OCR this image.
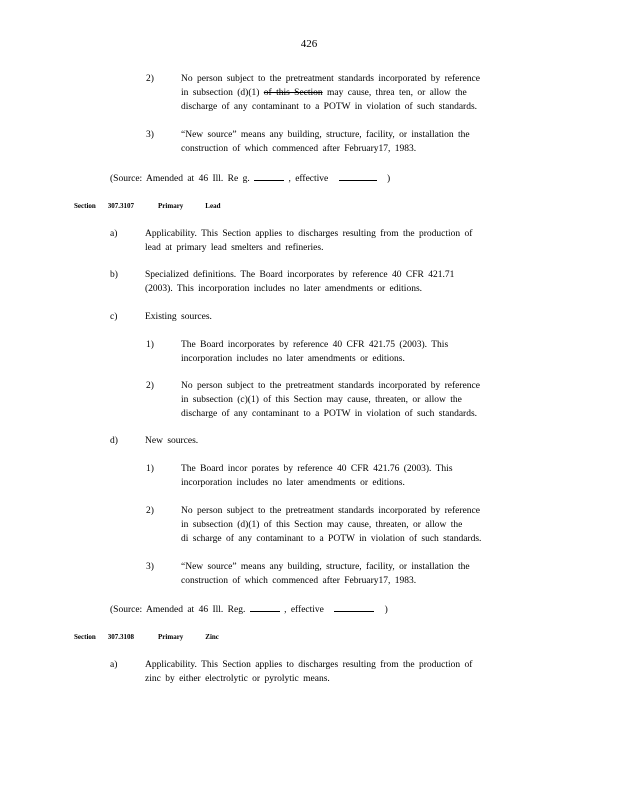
426
2)	No person subject to the pretreatment standards incorporated by reference
in subsection (d)(1) of this Section may cause, threa ten, or allow the
discharge of any contaminant to a POTW in violation of such standards.
3)	“New source” means any building, structure, facility, or installation the
construction of which commenced after February17, 1983.
(Source: Amended at 46 Ill. Re g.	, effective	)
Section 307.3107	Primary	Lead
a)	Applicability. This Section applies to discharges resulting from the production of
lead at primary lead smelters and refineries.
b)	Specialized definitions. The Board incorporates by reference 40 CFR 421.71
(2003). This incorporation includes no later amendments or editions.
c)	Existing sources.
1)	The Board incorporates by reference 40 CFR 421.75 (2003). This
incorporation includes no later amendments or editions.
2)	No person subject to the pretreatment standards incorporated by reference
in subsection (c)(1) of this Section may cause, threaten, or allow the
discharge of any contaminant to a POTW in violation of such standards.
d)	New sources.
1)	The Board incor porates by reference 40 CFR 421.76 (2003). This
incorporation includes no later amendments or editions.
2)	No person subject to the pretreatment standards incorporated by reference
in subsection (d)(1) of this Section may cause, threaten, or allow the
di scharge of any contaminant to a POTW in violation of such standards.
3)	“New source” means any building, structure, facility, or installation the
construction of which commenced after February17, 1983.
(Source: Amended at 46 Ill. Reg.	, effective	)
Section 307.3108	Primary	Zinc
a)	Applicability. This Section applies to discharges resulting from the production of
zinc by either electrolytic or pyrolytic means.
